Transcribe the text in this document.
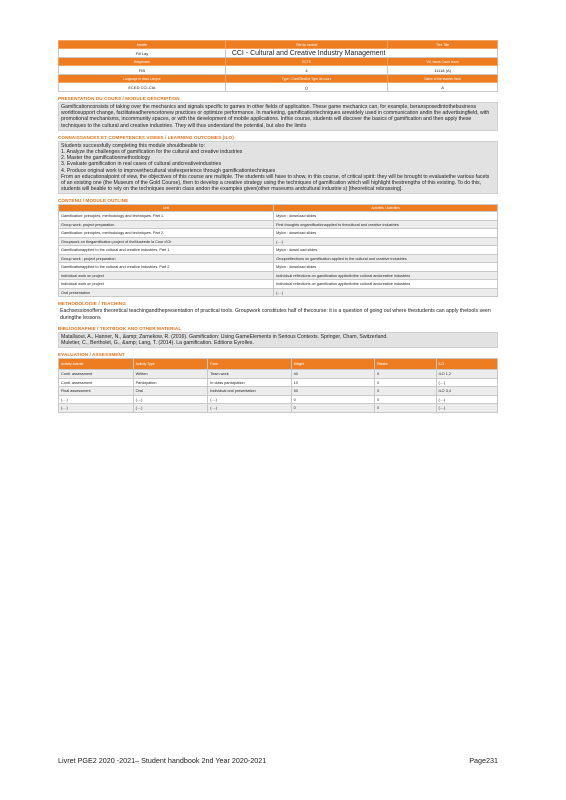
Inscrite	Title du module	Titre Title
Fill Lay	CCI - Cultural and Creative Industry Management	
Responses	ECTS	Vol. hours Cours hours
FIB	4	11118 (A)
Language in class Langue	Type : Core/Elective Type de cours	Name of the teacher Nom
ECED CCI-CIA	()	A
PRESENTATION DU COURS / MODULE DESCRIPTION

Gamificationconsists of taking over the mechanics and signals specific to games in other fields of application. These game mechanics can, for example, beransposedintothebusiness worldtosupport change, facilitateadherencetonew practices or optimize performance. In marketing, gamificationtechniques arewidely used in communication andin the advertisingfield, with promotional mechanisms, incommunity spaces, or with the development of mobile applications. Inthis course, students will discover the basics of gamification and then apply these techniques to the cultural and creative industries. They will thus understand the potential, but also the limits

CONNAISSANCES ET COMPETENCES VISEES / LEARNING OUTCOMES (ILO)

Students successfully completing this module shouldbeable to:

1. Analyze the challenges of gamification for the cultural and creative industries

2. Master the gamificationmethodology

3. Evaluate gamification in real cases of cultural andcreativeindustries

4. Produce original work to improvethecultural visitexperience through gamificationtechniques

From an educationalpoint of view, the objectives of this course are multiple. The students will have to show, in this course, of critical spirit: they will be brought to evaluatethe various facets of an existing one (the Museum of the Gold Course), then to develop a creative strategy using the techniques of gamification which will highlight thestrengths of this existing. To do this, students will beable to rely on the techniques seenin class andon the examples given(other museums andcultural industrie s) [theoretical rebrassing].

CONTENU / MODULE OUTLINE
Unit	Activités / Activities
Gamification: principles, methodology and techniques. Part 1.	Mylcn : download slides
Group work: project preparation	First thoughts ongamificationapplied to thecultural and creative industries
Gamification: principles, methodology and techniques. Part 2.	Mylcn : download slides
Groupwork on thegamification project of theMuséede la Cour d'Or	(....)
Gamificationapplied to the cultural and creative industries. Part 1	Mylcn : downl oad slides
Group work : project preparation	Groupreflections on gamification applied to the cultural and creative industries
Gamificationapplied to the cultural and creative industries. Part 2	Mylcn : download slides
Individual work on project	Individual reflections on gamification appliedtothe cultural andcreative industries
Individual work on project	Individual reflections on gamification appliedtothe cultural andcreative industries
Oral presentation	(....)
METHODOLOGIE / TEACHING
Eachsessionoffers theoretical teachingandthepresentation of practical tools. Groupwork constitutes half of thecourse: it is a question of going out where thestudents can apply thetools seen duringthe lessons
BIBLIOGRAPHIE / TEXTBOOK AND OTHER MATERIAL

Matallaoui, A., Hanner, N., &amp; Zarnekow, R. (2016). Gamification: Using GameElements in Serious Contexts. Springer, Cham, Switzerland.

Muletier, C., Bertholet, G., &amp; Lang, T. (2014). La gamification. Editions Eyrolles.

EVALUATION / ASSESSMENT
Activity Activité	Activity Type	Form	Weight	Retake	ILO
Conti. assessment	Written	Team work	40	0	ILO 1,2
Conti. assessment	Participation	In class participation	10	0	(....)
Final assessment	Oral	Individual oral presentation	50	0	ILO 3,4
(....)	(....)	(....)	0	0	(....)
(....)	(....)	(....)	0	0	(....)
Livret PGE2 2020 -2021– Student handbook 2nd Year 2020-2021	Page231
